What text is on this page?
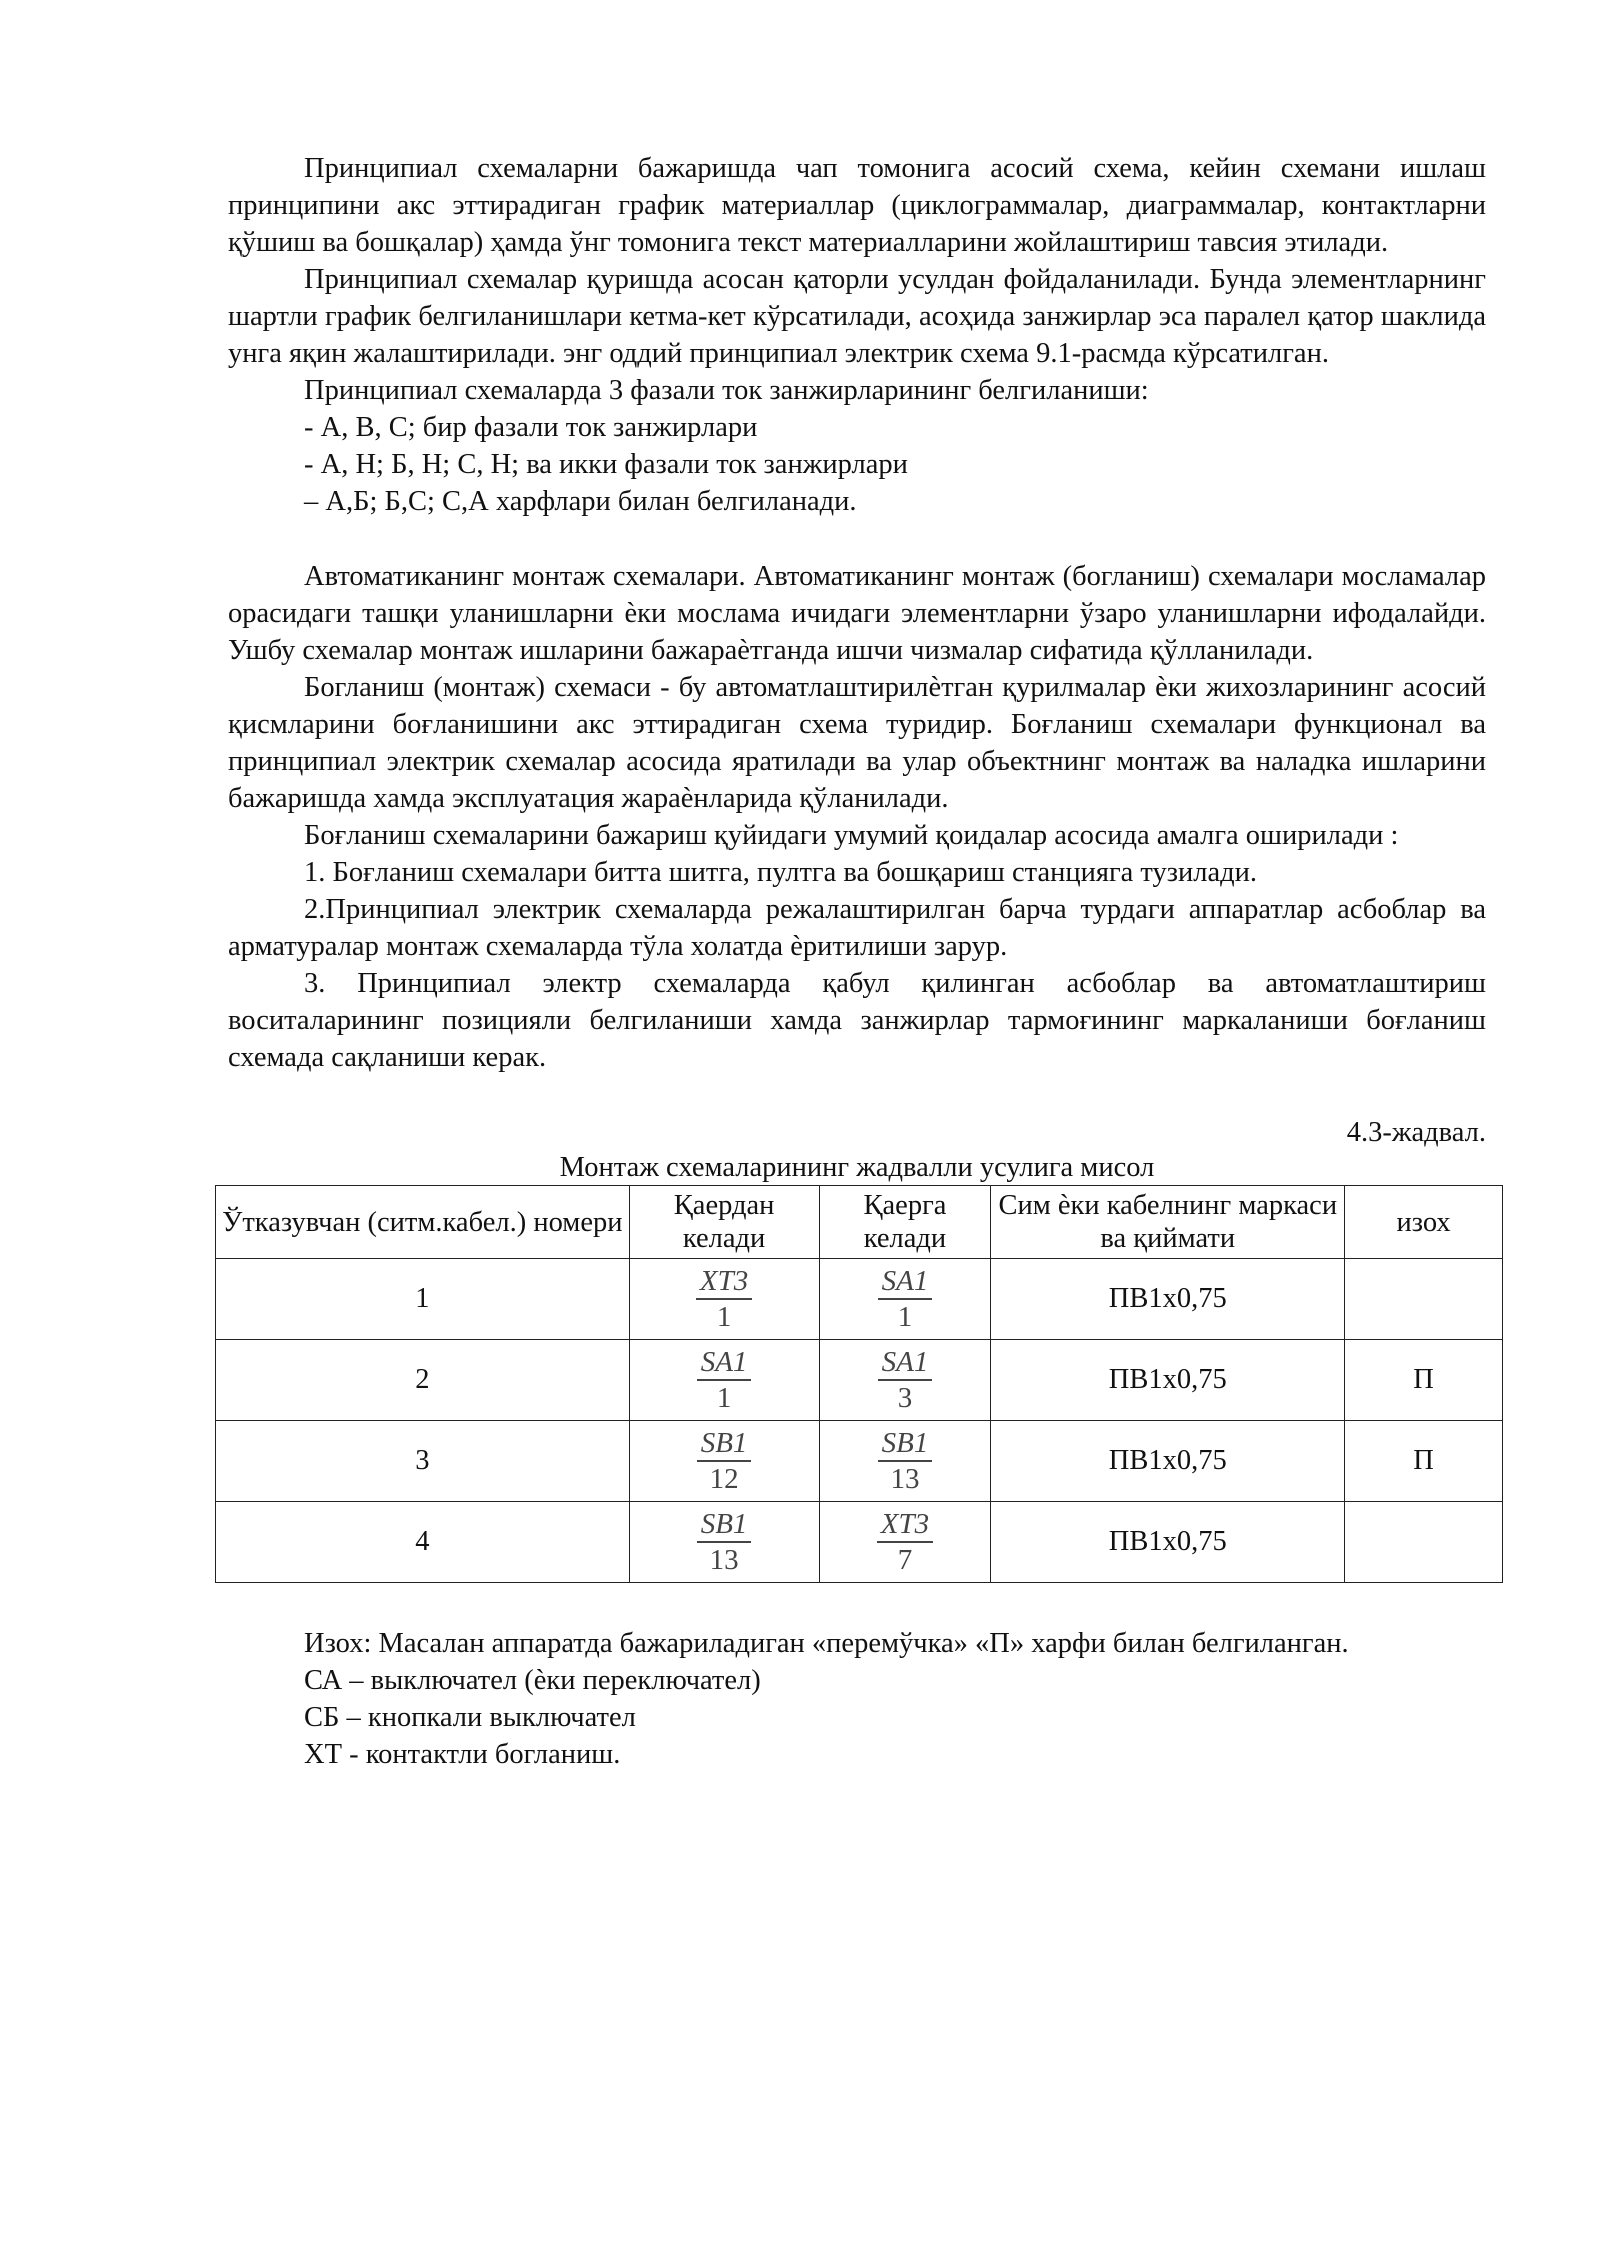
Принципиал схемаларни бажаришда чап томонига асосий схема, кейин схемани ишлаш принципини акс эттирадиган график материаллар (циклограммалар, диаграммалар, контактларни қўшиш ва бошқалар) ҳамда ўнг томонига текст материалларини жойлаштириш тавсия этилади.

Принципиал схемалар қуришда асосан қаторли усулдан фойдаланилади. Бунда элементларнинг шартли график белгиланишлари кетма-кет кўрсатилади, асоҳида занжирлар эса паралел қатор шаклида унга яқин жалаштирилади. энг оддий принципиал электрик схема 9.1-расмда кўрсатилган.

Принципиал схемаларда 3 фазали ток занжирларининг белгиланиши:

- А, В, С; бир фазали ток занжирлари
- А, Н; Б, Н; С, Н; ва икки фазали ток занжирлари
– А,Б; Б,С; С,А харфлари билан белгиланади.

Автоматиканинг монтаж схемалари. Автоматиканинг монтаж (богланиш) схемалари мосламалар орасидаги ташқи уланишларни ѐки мослама ичидаги элементларни ўзаро уланишларни ифодалайди. Ушбу схемалар монтаж ишларини бажараѐтганда ишчи чизмалар сифатида қўлланилади.

Богланиш (монтаж) схемаси - бу автоматлаштирилѐтган қурилмалар ѐки жихозларининг асосий қисмларини боғланишини акс эттирадиган схема туридир. Боғланиш схемалари функционал ва принципиал электрик схемалар асосида яратилади ва улар объектнинг монтаж ва наладка ишларини бажаришда хамда эксплуатация жараѐнларида қўланилади.

Боғланиш схемаларини бажариш қуйидаги умумий қоидалар асосида амалга оширилади :

1. Боғланиш схемалари битта шитга, пултга ва бошқариш станцияга тузилади.

2.Принципиал электрик схемаларда режалаштирилган барча турдаги аппаратлар асбоблар ва арматуралар монтаж схемаларда тўла холатда ѐритилиши зарур.

3. Принципиал электр схемаларда қабул қилинган асбоблар ва автоматлаштириш воситаларининг позицияли белгиланиши хамда занжирлар тармоғининг маркаланиши боғланиш схемада сақланиши керак.

4.3-жадвал.

Монтаж схемаларининг жадвалли усулига мисол

Ўтказувчан (ситм.кабел.) номери	Қаердан келади	Қаерга келади	Сим ѐки кабелнинг маркаси ва қиймати	изох
1	$\frac{XT3}{1}$	$\frac{SA1}{1}$	ПВ1х0,75	
2	$\frac{SA1}{1}$	$\frac{SA1}{3}$	ПВ1х0,75	П
3	$\frac{SB1}{12}$	$\frac{SB1}{13}$	ПВ1х0,75	П
4	$\frac{SB1}{13}$	$\frac{XT3}{7}$	ПВ1х0,75	

Изох: Масалан аппаратда бажариладиган «перемўчка» «П» харфи билан белгиланган.

СА – выключател (ѐки переключател)
СБ – кнопкали выключател
ХТ - контактли богланиш.
